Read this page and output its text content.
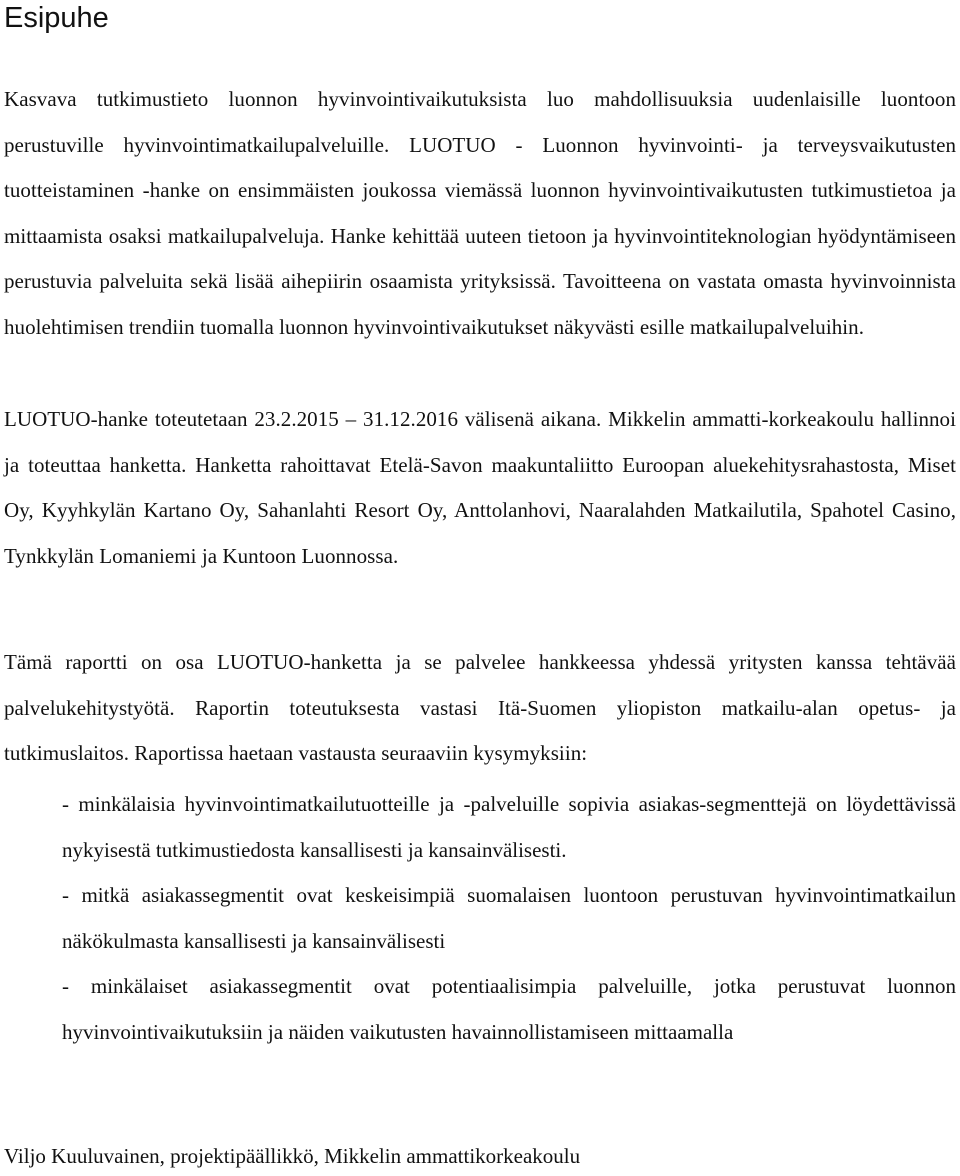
Esipuhe

Kasvava tutkimustieto luonnon hyvinvointivaikutuksista luo mahdollisuuksia uudenlaisille luontoon perustuville hyvinvointimatkailupalveluille. LUOTUO - Luonnon hyvinvointi- ja terveysvaikutusten tuotteistaminen -hanke on ensimmäisten joukossa viemässä luonnon hyvinvointivaikutusten tutkimustietoa ja mittaamista osaksi matkailupalveluja. Hanke kehittää uuteen tietoon ja hyvinvointiteknologian hyödyntämiseen perustuvia palveluita sekä lisää aihepiirin osaamista yrityksissä. Tavoitteena on vastata omasta hyvinvoinnista huolehtimisen trendiin tuomalla luonnon hyvinvointivaikutukset näkyvästi esille matkailupalveluihin.

LUOTUO-hanke toteutetaan 23.2.2015 – 31.12.2016 välisenä aikana. Mikkelin ammatti-korkeakoulu hallinnoi ja toteuttaa hanketta. Hanketta rahoittavat Etelä-Savon maakuntaliitto Euroopan aluekehitysrahastosta, Miset Oy, Kyyhkylän Kartano Oy, Sahanlahti Resort Oy, Anttolanhovi, Naaralahden Matkailutila, Spahotel Casino, Tynkkylän Lomaniemi ja Kuntoon Luonnossa.

Tämä raportti on osa LUOTUO-hanketta ja se palvelee hankkeessa yhdessä yritysten kanssa tehtävää palvelukehitystyötä. Raportin toteutuksesta vastasi Itä-Suomen yliopiston matkailu-alan opetus- ja tutkimuslaitos. Raportissa haetaan vastausta seuraaviin kysymyksiin:

- minkälaisia hyvinvointimatkailutuotteille ja -palveluille sopivia asiakas-segmenttejä on löydettävissä nykyisestä tutkimustiedosta kansallisesti ja kansainvälisesti.
- mitkä asiakassegmentit ovat keskeisimpiä suomalaisen luontoon perustuvan hyvinvointimatkailun näkökulmasta kansallisesti ja kansainvälisesti
- minkälaiset asiakassegmentit ovat potentiaalisimpia palveluille, jotka perustuvat luonnon hyvinvointivaikutuksiin ja näiden vaikutusten havainnollistamiseen mittaamalla

Viljo Kuuluvainen, projektipäällikkö, Mikkelin ammattikorkeakoulu
